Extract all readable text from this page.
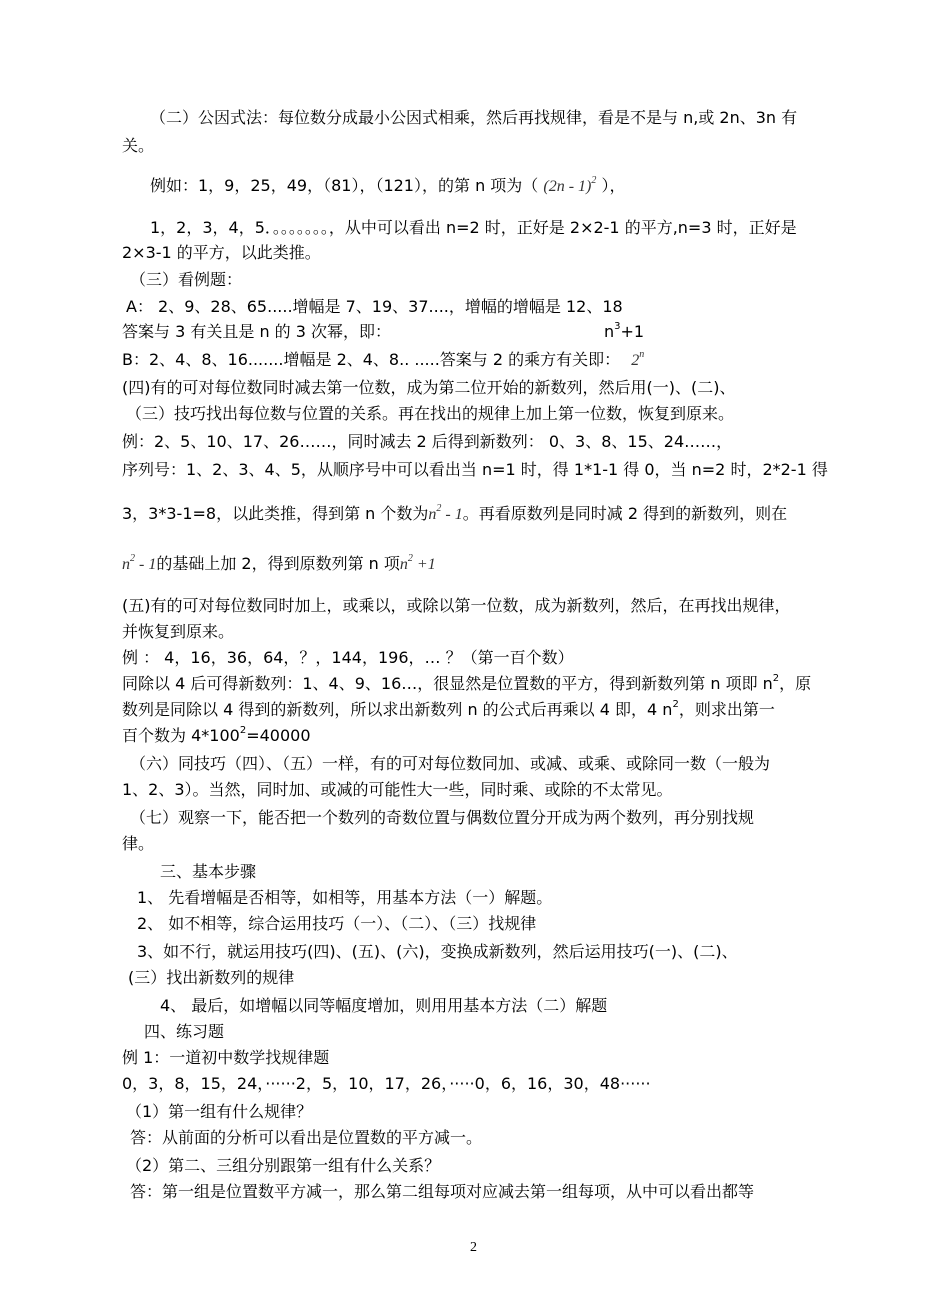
（二）公因式法：每位数分成最小公因式相乘，然后再找规律，看是不是与 n,或 2n、3n 有
关。
例如：1，9，25，49，（81），（121），的第 n 项为（ (2n - 1)$^2$ ），
1，2，3，4，5．。。。。。。。，从中可以看出 n=2 时，正好是 2×2-1 的平方,n=3 时，正好是
2×3-1 的平方，以此类推。
（三）看例题：
A： 2、9、28、65.....增幅是 7、19、37....，增幅的增幅是 12、18
答案与 3 有关且是 n 的 3 次幂，即：	$n^3+1$
B：2、4、8、16.......增幅是 2、4、8.. .....答案与 2 的乘方有关即： 2$^n$
(四)有的可对每位数同时减去第一位数，成为第二位开始的新数列，然后用(一)、(二)、
（三）技巧找出每位数与位置的关系。再在找出的规律上加上第一位数，恢复到原来。
例：2、5、10、17、26……，同时减去 2 后得到新数列： 0、3、8、15、24……，
序列号：1、2、3、4、5，从顺序号中可以看出当 n=1 时，得 1*1-1 得 0，当 n=2 时，2*2-1 得
3，3*3-1=8，以此类推，得到第 n 个数为$n^2 - 1$。再看原数列是同时减 2 得到的新数列，则在
$n^2 - 1$的基础上加 2，得到原数列第 n 项$n^2 +1$
(五)有的可对每位数同时加上，或乘以，或除以第一位数，成为新数列，然后，在再找出规律，
并恢复到原来。
例 ： 4，16，36，64，？，144，196，… ？（第一百个数）
同除以 4 后可得新数列：1、4、9、16…，很显然是位置数的平方，得到新数列第 n 项即 $n^2$，原
数列是同除以 4 得到的新数列，所以求出新数列 n 的公式后再乘以 4 即，4 $n^2$，则求出第一
百个数为 $4*100^2=40000$
（六）同技巧（四）、（五）一样，有的可对每位数同加、或减、或乘、或除同一数（一般为
1、2、3）。当然，同时加、或减的可能性大一些，同时乘、或除的不太常见。
（七）观察一下，能否把一个数列的奇数位置与偶数位置分开成为两个数列，再分别找规
律。
三、基本步骤
1、 先看增幅是否相等，如相等，用基本方法（一）解题。
2、 如不相等，综合运用技巧（一）、（二）、（三）找规律
3、如不行，就运用技巧(四)、(五)、(六)，变换成新数列，然后运用技巧(一)、(二)、
(三）找出新数列的规律
4、 最后，如增幅以同等幅度增加，则用用基本方法（二）解题
四、练习题
例 1：一道初中数学找规律题
0，3，8，15，24，······2，5，10，17，26，·····0，6，16，30，48······
（1）第一组有什么规律？
答：从前面的分析可以看出是位置数的平方减一。
（2）第二、三组分别跟第一组有什么关系？
答：第一组是位置数平方减一，那么第二组每项对应减去第一组每项，从中可以看出都等
2
